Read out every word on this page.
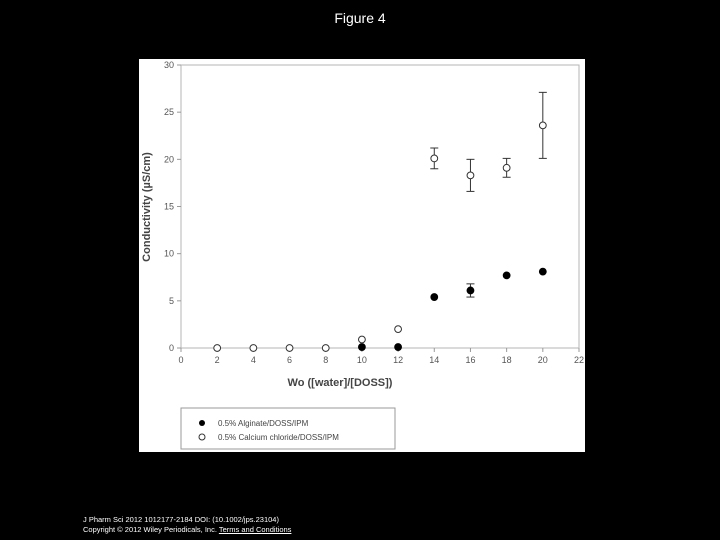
Figure 4
0	2	4	6	8	10	12	14	16	18	20	22
0
5
10
15
20
25
30
Wo ([water]/[DOSS])
Conductivity (µS/cm)
0.5% Alginate/DOSS/IPM
0.5% Calcium chloride/DOSS/IPM
J Pharm Sci 2012 1012177-2184 DOI: (10.1002/jps.23104)
Copyright © 2012 Wiley Periodicals, Inc. Terms and Conditions
